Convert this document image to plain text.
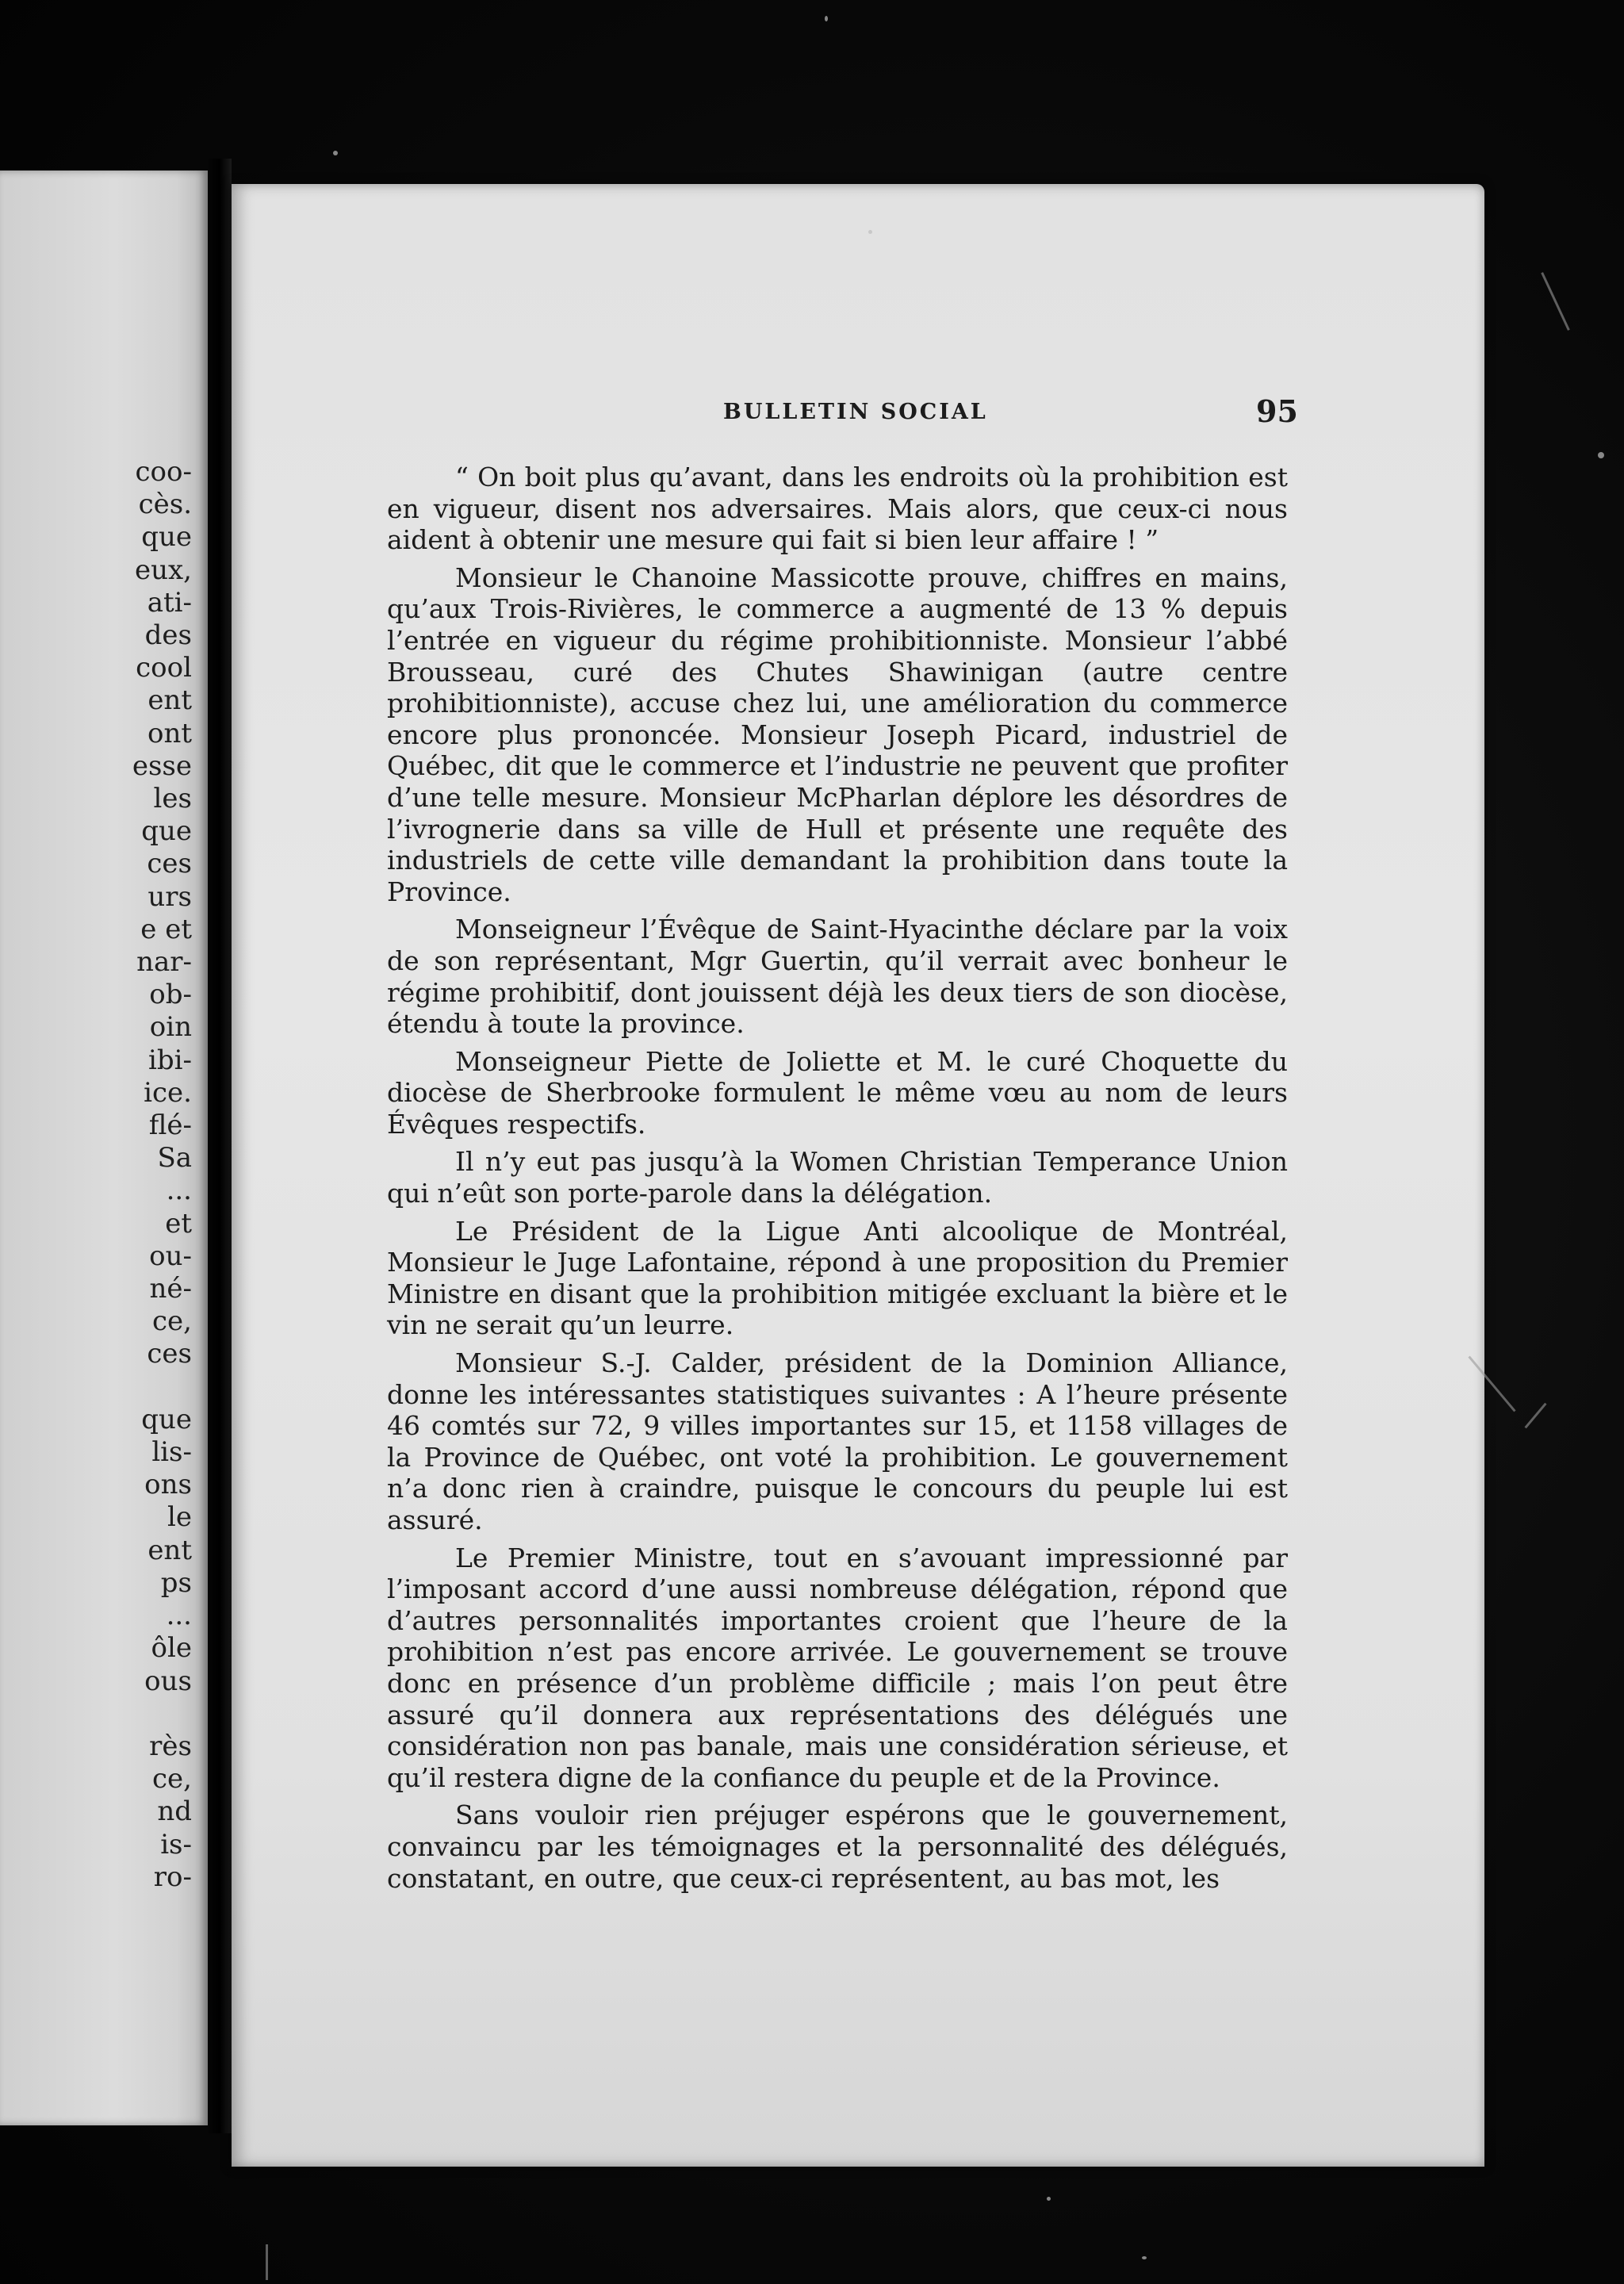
coo-
cès.
que
eux,
ati-
des
cool
ent
ont
esse
les
que
ces
urs
e et
nar-
ob-
oin
ibi-
ice.
flé-
Sa
...
et
ou-
né-
ce,
ces
que
lis-
ons
le
ent
ps
...
ôle
ous
rès
ce,
nd
is-
ro-
BULLETIN SOCIAL	95

“ On boit plus qu’avant, dans les endroits où la prohibition est en vigueur, disent nos adversaires. Mais alors, que ceux-ci nous aident à obtenir une mesure qui fait si bien leur affaire ! ”

Monsieur le Chanoine Massicotte prouve, chiffres en mains, qu’aux Trois-Rivières, le commerce a augmenté de 13 % depuis l’entrée en vigueur du régime prohibitionniste. Monsieur l’abbé Brousseau, curé des Chutes Shawinigan (autre centre prohibitionniste), accuse chez lui, une amélioration du commerce encore plus prononcée. Monsieur Joseph Picard, industriel de Québec, dit que le commerce et l’industrie ne peuvent que profiter d’une telle mesure. Monsieur McPharlan déplore les désordres de l’ivrognerie dans sa ville de Hull et présente une requête des industriels de cette ville demandant la prohibition dans toute la Province.

Monseigneur l’Évêque de Saint-Hyacinthe déclare par la voix de son représentant, Mgr Guertin, qu’il verrait avec bonheur le régime prohibitif, dont jouissent déjà les deux tiers de son diocèse, étendu à toute la province.

Monseigneur Piette de Joliette et M. le curé Choquette du diocèse de Sherbrooke formulent le même vœu au nom de leurs Évêques respectifs.

Il n’y eut pas jusqu’à la Women Christian Temperance Union qui n’eût son porte-parole dans la délégation.

Le Président de la Ligue Anti alcoolique de Montréal, Monsieur le Juge Lafontaine, répond à une proposition du Premier Ministre en disant que la prohibition mitigée excluant la bière et le vin ne serait qu’un leurre.

Monsieur S.-J. Calder, président de la Dominion Alliance, donne les intéressantes statistiques suivantes : A l’heure présente 46 comtés sur 72, 9 villes importantes sur 15, et 1158 villages de la Province de Québec, ont voté la prohibition. Le gouvernement n’a donc rien à craindre, puisque le concours du peuple lui est assuré.

Le Premier Ministre, tout en s’avouant impressionné par l’imposant accord d’une aussi nombreuse délégation, répond que d’autres personnalités importantes croient que l’heure de la prohibition n’est pas encore arrivée. Le gouvernement se trouve donc en présence d’un problème difficile ; mais l’on peut être assuré qu’il donnera aux représentations des délégués une considération non pas banale, mais une considération sérieuse, et qu’il restera digne de la confiance du peuple et de la Province.

Sans vouloir rien préjuger espérons que le gouvernement, convaincu par les témoignages et la personnalité des délégués, constatant, en outre, que ceux-ci représentent, au bas mot, les
